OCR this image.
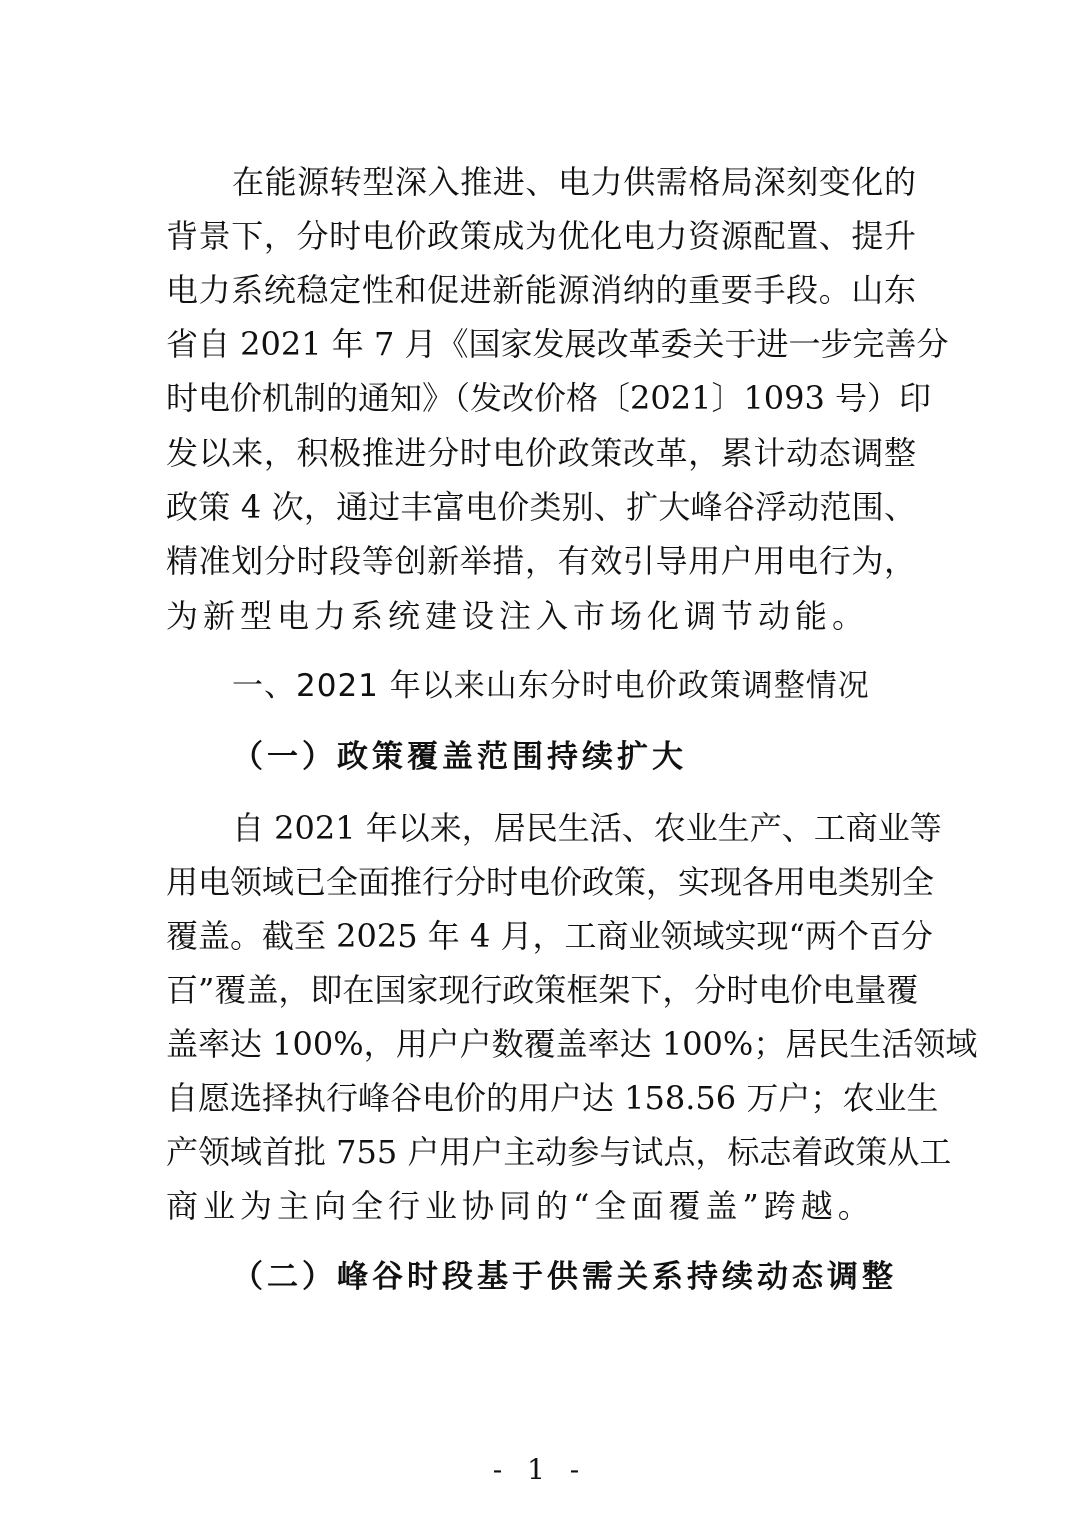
在能源转型深入推进、电力供需格局深刻变化的
背景下，分时电价政策成为优化电力资源配置、提升
电力系统稳定性和促进新能源消纳的重要手段。山东
省自 2021 年 7 月《国家发展改革委关于进一步完善分
时电价机制的通知》（发改价格〔2021〕1093 号）印
发以来，积极推进分时电价政策改革，累计动态调整
政策 4 次，通过丰富电价类别、扩大峰谷浮动范围、
精准划分时段等创新举措，有效引导用户用电行为，
为新型电力系统建设注入市场化调节动能。
一、2021 年以来山东分时电价政策调整情况
（一）政策覆盖范围持续扩大
自 2021 年以来，居民生活、农业生产、工商业等
用电领域已全面推行分时电价政策，实现各用电类别全
覆盖。截至 2025 年 4 月，工商业领域实现“两个百分
百”覆盖，即在国家现行政策框架下，分时电价电量覆
盖率达 100%，用户户数覆盖率达 100%；居民生活领域
自愿选择执行峰谷电价的用户达 158.56 万户；农业生
产领域首批 755 户用户主动参与试点，标志着政策从工
商业为主向全行业协同的“全面覆盖”跨越。
（二）峰谷时段基于供需关系持续动态调整
- 1 -
